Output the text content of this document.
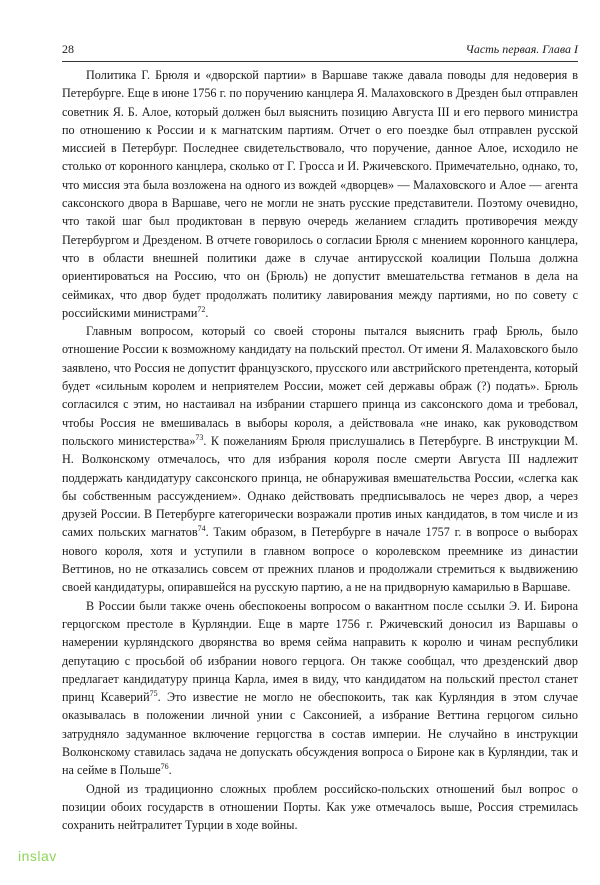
28	Часть первая. Глава I

Политика Г. Брюля и «дворской партии» в Варшаве также давала поводы для недоверия в Петербурге. Еще в июне 1756 г. по поручению канцлера Я. Малаховского в Дрезден был отправлен советник Я. Б. Алое, который должен был выяснить позицию Августа III и его первого министра по отношению к России и к магнатским партиям. Отчет о его поездке был отправлен русской миссией в Петербург. Последнее свидетельствовало, что поручение, данное Алое, исходило не столько от коронного канцлера, сколько от Г. Гросса и И. Ржичевского. Примечательно, однако, то, что миссия эта была возложена на одного из вождей «дворцев» — Малаховского и Алое — агента саксонского двора в Варшаве, чего не могли не знать русские представители. Поэтому очевидно, что такой шаг был продиктован в первую очередь желанием сгладить противоречия между Петербургом и Дрезденом. В отчете говорилось о согласии Брюля с мнением коронного канцлера, что в области внешней политики даже в случае антирусской коалиции Польша должна ориентироваться на Россию, что он (Брюль) не допустит вмешательства гетманов в дела на сеймиках, что двор будет продолжать политику лавирования между партиями, но по совету с российскими министрами$^{72}$.

Главным вопросом, который со своей стороны пытался выяснить граф Брюль, было отношение России к возможному кандидату на польский престол. От имени Я. Малаховского было заявлено, что Россия не допустит французского, прусского или австрийского претендента, который будет «сильным королем и неприятелем России, может сей державы ображ (?) подать». Брюль согласился с этим, но настаивал на избрании старшего принца из саксонского дома и требовал, чтобы Россия не вмешивалась в выборы короля, а действовала «не инако, как руководством польского министерства»$^{73}$. К пожеланиям Брюля прислушались в Петербурге. В инструкции М. Н. Волконскому отмечалось, что для избрания короля после смерти Августа III надлежит поддержать кандидатуру саксонского принца, не обнаруживая вмешательства России, «слегка как бы собственным рассуждением». Однако действовать предписывалось не через двор, а через друзей России. В Петербурге категорически возражали против иных кандидатов, в том числе и из самих польских магнатов$^{74}$. Таким образом, в Петербурге в начале 1757 г. в вопросе о выборах нового короля, хотя и уступили в главном вопросе о королевском преемнике из династии Веттинов, но не отказались совсем от прежних планов и продолжали стремиться к выдвижению своей кандидатуры, опиравшейся на русскую партию, а не на придворную камарилью в Варшаве.

В России были также очень обеспокоены вопросом о вакантном после ссылки Э. И. Бирона герцогском престоле в Курляндии. Еще в марте 1756 г. Ржичевский доносил из Варшавы о намерении курляндского дворянства во время сейма направить к королю и чинам республики депутацию с просьбой об избрании нового герцога. Он также сообщал, что дрезденский двор предлагает кандидатуру принца Карла, имея в виду, что кандидатом на польский престол станет принц Ксаверий$^{75}$. Это известие не могло не обеспокоить, так как Курляндия в этом случае оказывалась в положении личной унии с Саксонией, а избрание Веттина герцогом сильно затрудняло задуманное включение герцогства в состав империи. Не случайно в инструкции Волконскому ставилась задача не допускать обсуждения вопроса о Бироне как в Курляндии, так и на сейме в Польше$^{76}$.

Одной из традиционно сложных проблем российско-польских отношений был вопрос о позиции обоих государств в отношении Порты. Как уже отмечалось выше, Россия стремилась сохранить нейтралитет Турции в ходе войны.

inslav
